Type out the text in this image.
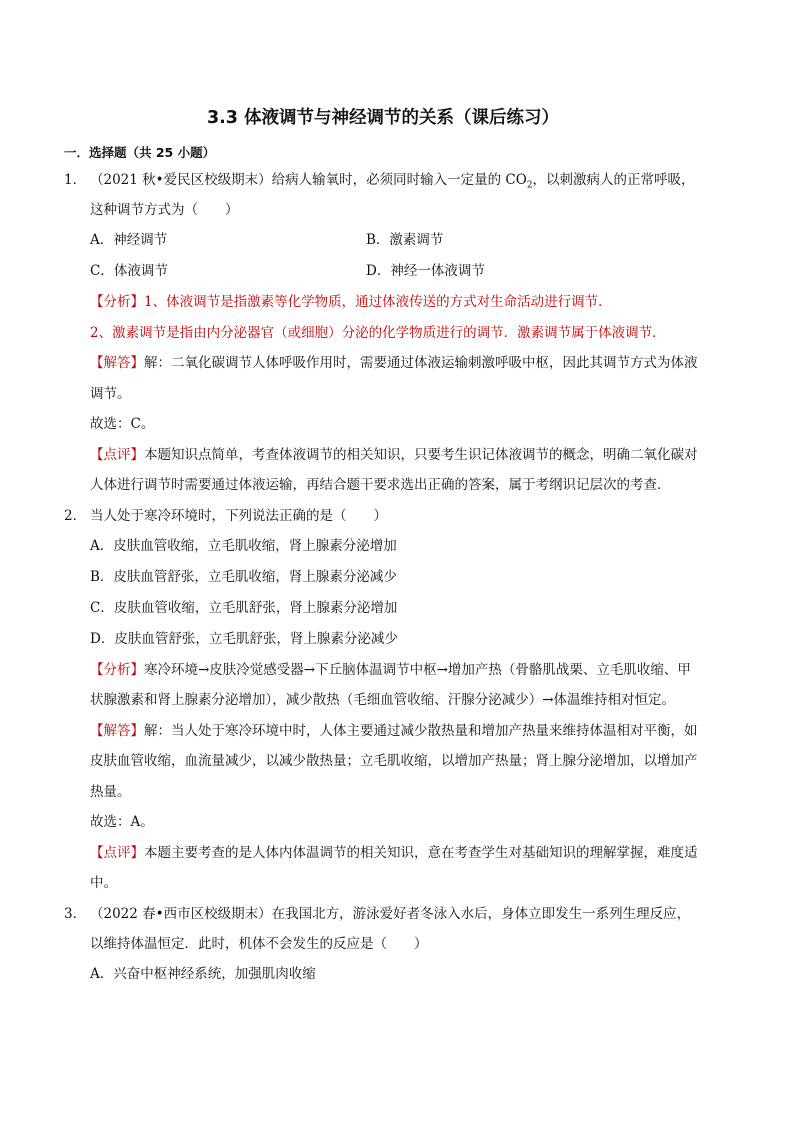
3.3 体液调节与神经调节的关系（课后练习）
一．选择题（共 25 小题）
1． （2021 秋•爱民区校级期末）给病人输氧时，必须同时输入一定量的 $CO_2$，以刺激病人的正常呼吸，这种调节方式为（　　）
A．神经调节	B．激素调节
C．体液调节	D．神经一体液调节
【分析】1、体液调节是指激素等化学物质，通过体液传送的方式对生命活动进行调节．
2、激素调节是指由内分泌器官（或细胞）分泌的化学物质进行的调节．激素调节属于体液调节．
【解答】解：二氧化碳调节人体呼吸作用时，需要通过体液运输刺激呼吸中枢，因此其调节方式为体液调节。
故选：C。
【点评】本题知识点简单，考查体液调节的相关知识，只要考生识记体液调节的概念，明确二氧化碳对人体进行调节时需要通过体液运输，再结合题干要求选出正确的答案，属于考纲识记层次的考查．
2． 当人处于寒冷环境时，下列说法正确的是（　　）
A．皮肤血管收缩，立毛肌收缩，肾上腺素分泌增加
B．皮肤血管舒张，立毛肌收缩，肾上腺素分泌减少
C．皮肤血管收缩，立毛肌舒张，肾上腺素分泌增加
D．皮肤血管舒张，立毛肌舒张，肾上腺素分泌减少
【分析】寒冷环境→皮肤冷觉感受器→下丘脑体温调节中枢→增加产热（骨骼肌战栗、立毛肌收缩、甲状腺激素和肾上腺素分泌增加），减少散热（毛细血管收缩、汗腺分泌减少）→体温维持相对恒定。
【解答】解：当人处于寒冷环境中时，人体主要通过减少散热量和增加产热量来维持体温相对平衡，如皮肤血管收缩，血流量减少，以减少散热量；立毛肌收缩，以增加产热量；肾上腺分泌增加，以增加产热量。
故选：A。
【点评】本题主要考查的是人体内体温调节的相关知识，意在考查学生对基础知识的理解掌握，难度适中。
3． （2022 春•西市区校级期末）在我国北方，游泳爱好者冬泳入水后，身体立即发生一系列生理反应，以维持体温恒定．此时，机体不会发生的反应是（　　）
A．兴奋中枢神经系统，加强肌肉收缩
